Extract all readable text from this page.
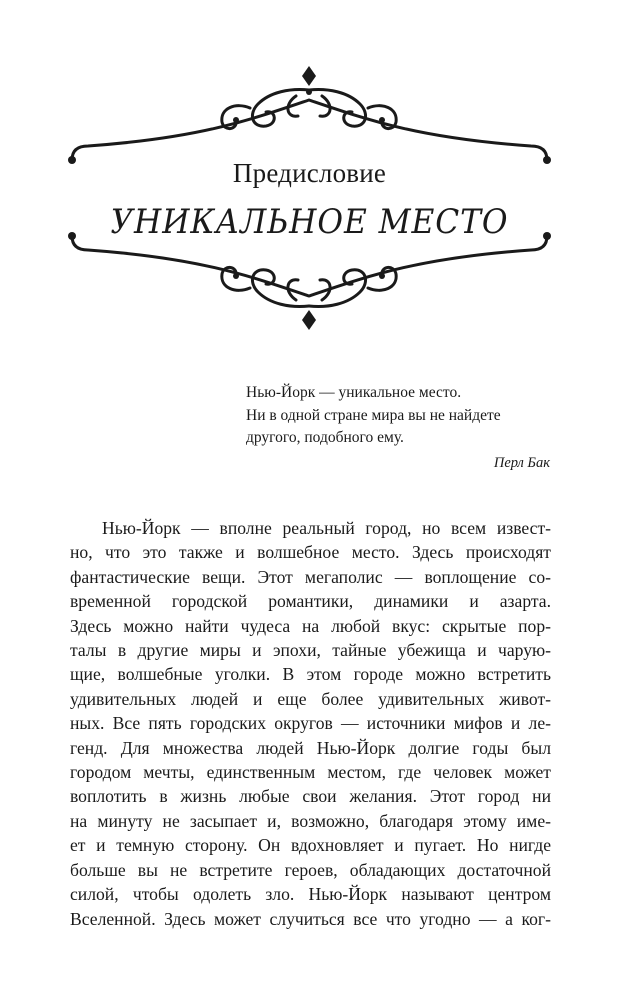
Предисловие
УНИКАЛЬНОЕ МЕСТО
Нью-Йорк — уникальное место.
Ни в одной стране мира вы не найдете
другого, подобного ему.
Перл Бак
Нью-Йорк — вполне реальный город, но всем извест-
но, что это также и волшебное место. Здесь происходят
фантастические вещи. Этот мегаполис — воплощение со-
временной городской романтики, динамики и азарта.
Здесь можно найти чудеса на любой вкус: скрытые пор-
талы в другие миры и эпохи, тайные убежища и чарую-
щие, волшебные уголки. В этом городе можно встретить
удивительных людей и еще более удивительных живот-
ных. Все пять городских округов — источники мифов и ле-
генд. Для множества людей Нью-Йорк долгие годы был
городом мечты, единственным местом, где человек может
воплотить в жизнь любые свои желания. Этот город ни
на минуту не засыпает и, возможно, благодаря этому име-
ет и темную сторону. Он вдохновляет и пугает. Но нигде
больше вы не встретите героев, обладающих достаточной
силой, чтобы одолеть зло. Нью-Йорк называют центром
Вселенной. Здесь может случиться все что угодно — а ког-
